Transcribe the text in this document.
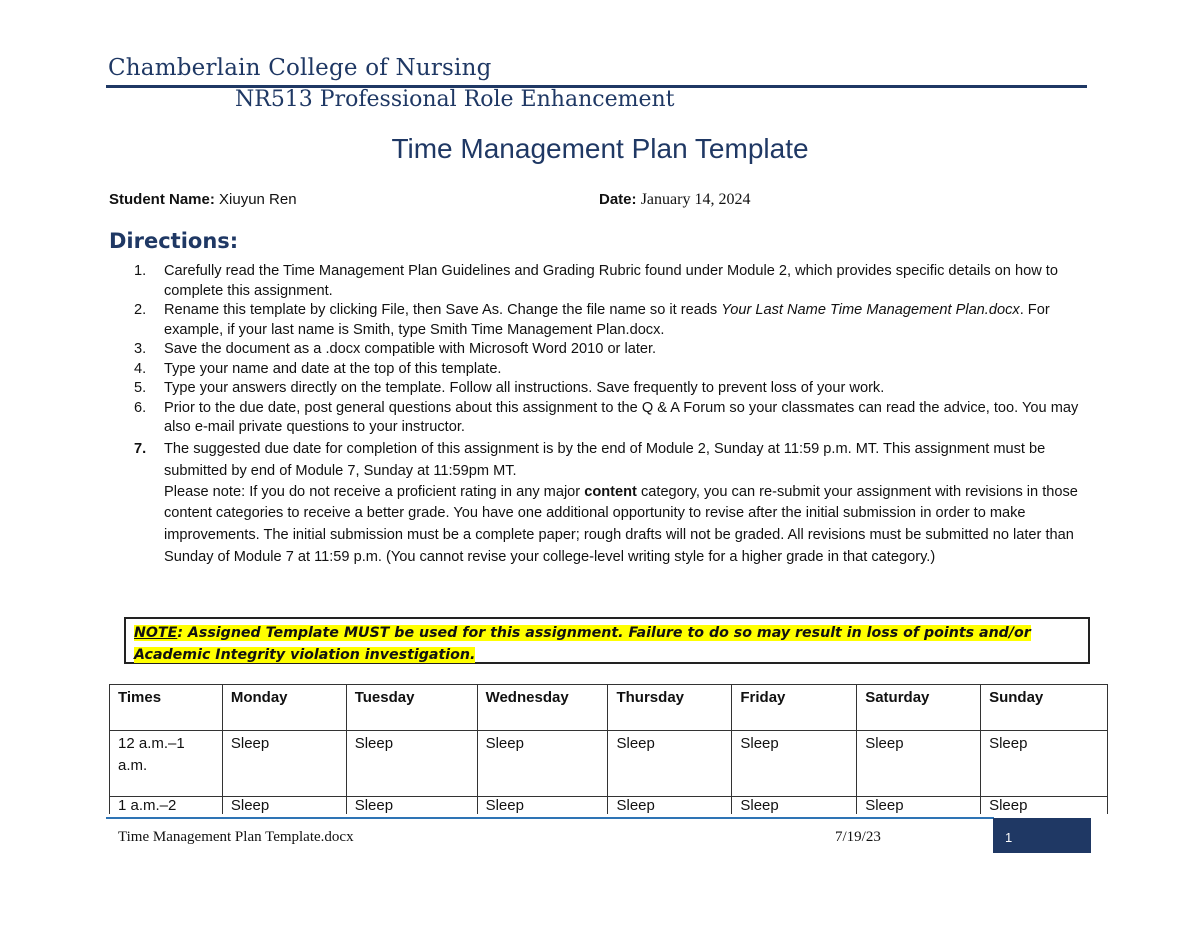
Chamberlain College of Nursing
NR513 Professional Role Enhancement
Time Management Plan Template
Student Name: Xiuyun Ren	Date: January 14, 2024
Directions:
1. Carefully read the Time Management Plan Guidelines and Grading Rubric found under Module 2, which provides specific details on how to complete this assignment.
2. Rename this template by clicking File, then Save As. Change the file name so it reads Your Last Name Time Management Plan.docx. For example, if your last name is Smith, type Smith Time Management Plan.docx.
3. Save the document as a .docx compatible with Microsoft Word 2010 or later.
4. Type your name and date at the top of this template.
5. Type your answers directly on the template. Follow all instructions. Save frequently to prevent loss of your work.
6. Prior to the due date, post general questions about this assignment to the Q & A Forum so your classmates can read the advice, too. You may also e-mail private questions to your instructor.
7. The suggested due date for completion of this assignment is by the end of Module 2, Sunday at 11:59 p.m. MT. This assignment must be submitted by end of Module 7, Sunday at 11:59pm MT.
Please note: If you do not receive a proficient rating in any major content category, you can re-submit your assignment with revisions in those content categories to receive a better grade. You have one additional opportunity to revise after the initial submission in order to make improvements. The initial submission must be a complete paper; rough drafts will not be graded. All revisions must be submitted no later than Sunday of Module 7 at 11:59 p.m. (You cannot revise your college-level writing style for a higher grade in that category.)
NOTE: Assigned Template MUST be used for this assignment. Failure to do so may result in loss of points and/or Academic Integrity violation investigation.
Times	Monday	Tuesday	Wednesday	Thursday	Friday	Saturday	Sunday
12 a.m.–1 a.m.	Sleep	Sleep	Sleep	Sleep	Sleep	Sleep	Sleep
1 a.m.–2	Sleep	Sleep	Sleep	Sleep	Sleep	Sleep	Sleep
Time Management Plan Template.docx	7/19/23	1
